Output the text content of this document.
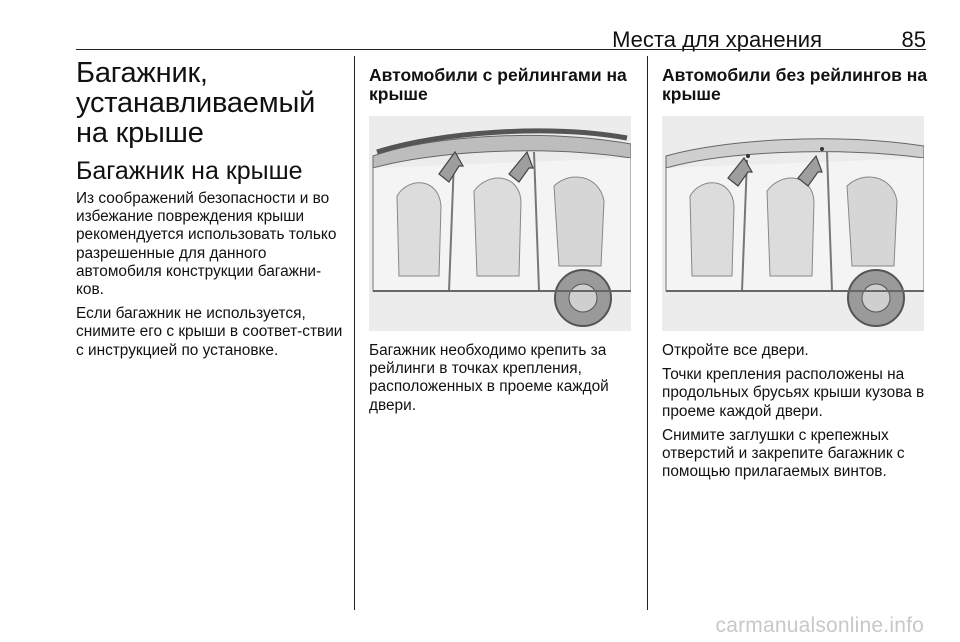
Места для хранения	85
Багажник, устанавливаемый на крыше
Багажник на крыше

Из соображений безопасности и во избежание повреждения крыши рекомендуется использовать только разрешенные для данного автомобиля конструкции багажни-ков.

Если багажник не используется, снимите его с крыши в соответ-ствии с инструкцией по установке.

Автомобили с рейлингами на крыше

Багажник необходимо крепить за рейлинги в точках крепления, расположенных в проеме каждой двери.

Автомобили без рейлингов на крыше

Откройте все двери.

Точки крепления расположены на продольных брусьях крыши кузова в проеме каждой двери.

Снимите заглушки с крепежных отверстий и закрепите багажник с помощью прилагаемых винтов.

carmanualsonline.info
